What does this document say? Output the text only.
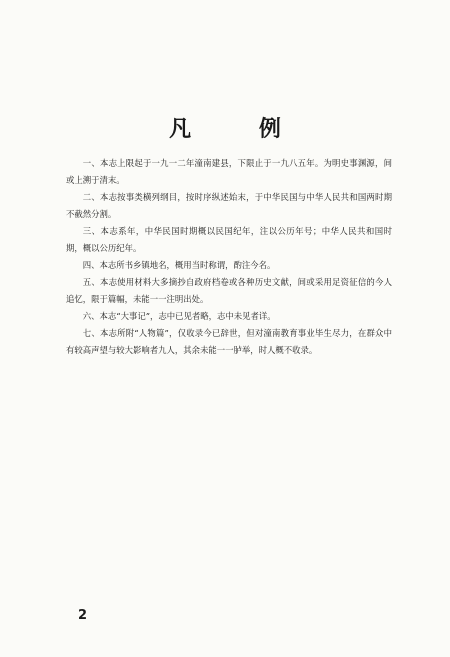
凡 例

一、本志上限起于一九一二年潼南建县，下限止于一九八五年。为明史事渊源，间或上溯于清末。

二、本志按事类横列纲目，按时序纵述始末，于中华民国与中华人民共和国两时期不截然分割。

三、本志系年，中华民国时期概以民国纪年，注以公历年号；中华人民共和国时期，概以公历纪年。

四、本志所书乡镇地名，概用当时称谓，酌注今名。

五、本志使用材料大多摘抄自政府档卷或各种历史文献，间或采用足资征信的今人追忆，限于篇幅，未能一一注明出处。

六、本志“大事记”，志中已见者略，志中未见者详。

七、本志所附“人物篇”，仅收录今已辞世，但对潼南教育事业毕生尽力，在群众中有较高声望与较大影响者九人，其余未能一一胪举，时人概不收录。

2
